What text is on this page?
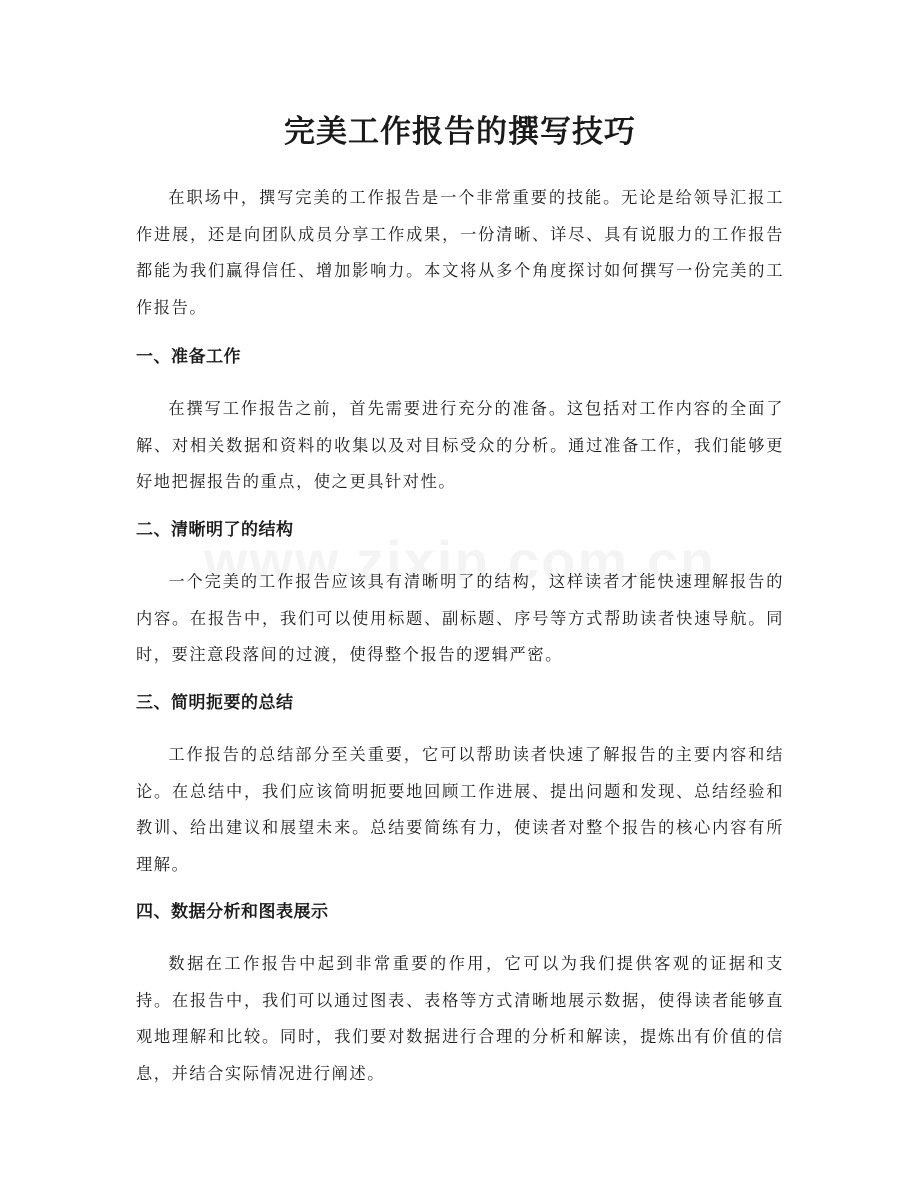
完美工作报告的撰写技巧

在职场中，撰写完美的工作报告是一个非常重要的技能。无论是给领导汇报工作进展，还是向团队成员分享工作成果，一份清晰、详尽、具有说服力的工作报告都能为我们赢得信任、增加影响力。本文将从多个角度探讨如何撰写一份完美的工作报告。

一、准备工作

在撰写工作报告之前，首先需要进行充分的准备。这包括对工作内容的全面了解、对相关数据和资料的收集以及对目标受众的分析。通过准备工作，我们能够更好地把握报告的重点，使之更具针对性。

二、清晰明了的结构

一个完美的工作报告应该具有清晰明了的结构，这样读者才能快速理解报告的内容。在报告中，我们可以使用标题、副标题、序号等方式帮助读者快速导航。同时，要注意段落间的过渡，使得整个报告的逻辑严密。

三、简明扼要的总结

工作报告的总结部分至关重要，它可以帮助读者快速了解报告的主要内容和结论。在总结中，我们应该简明扼要地回顾工作进展、提出问题和发现、总结经验和教训、给出建议和展望未来。总结要简练有力，使读者对整个报告的核心内容有所理解。

四、数据分析和图表展示

数据在工作报告中起到非常重要的作用，它可以为我们提供客观的证据和支持。在报告中，我们可以通过图表、表格等方式清晰地展示数据，使得读者能够直观地理解和比较。同时，我们要对数据进行合理的分析和解读，提炼出有价值的信息，并结合实际情况进行阐述。
